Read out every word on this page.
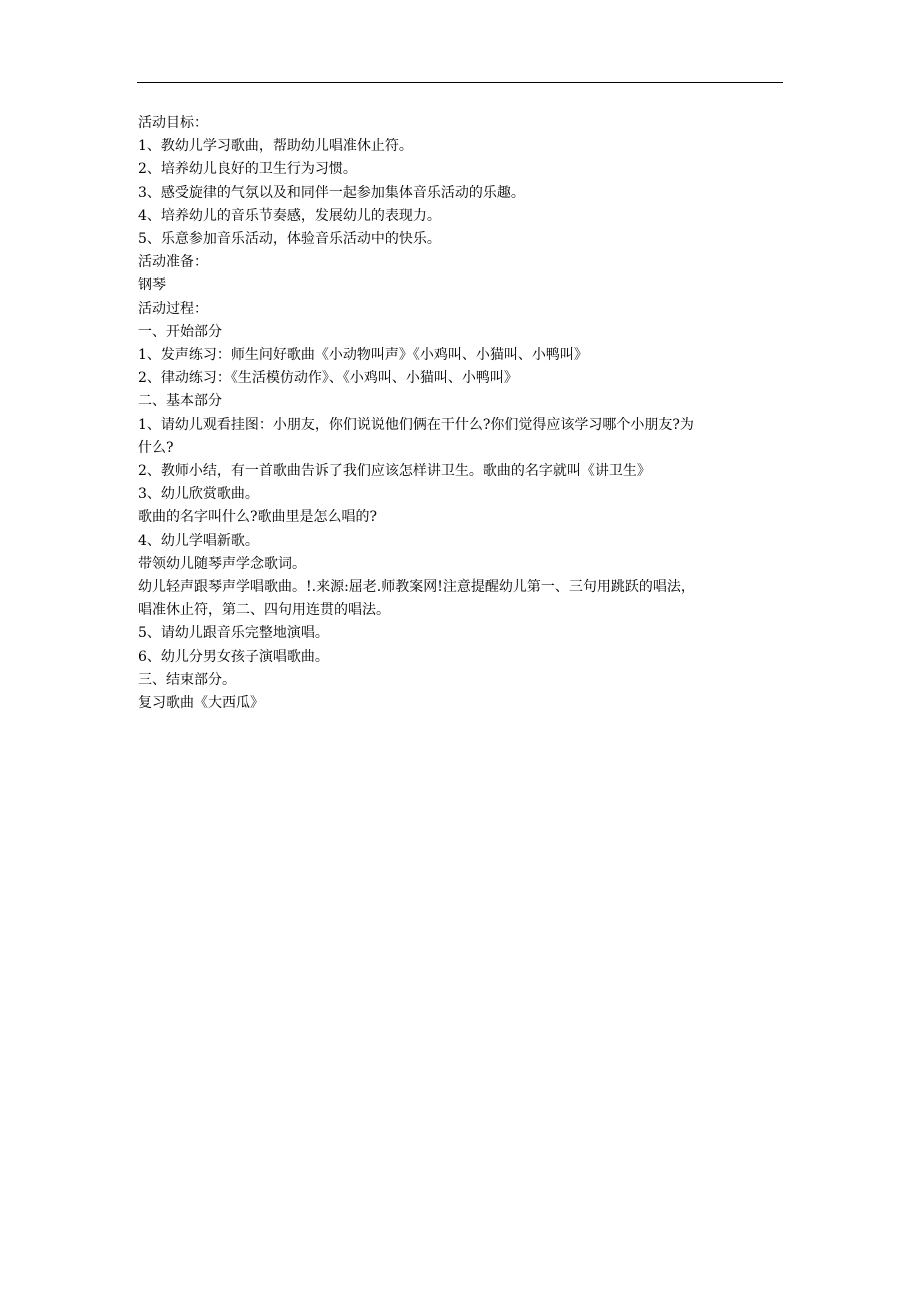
活动目标：
1、教幼儿学习歌曲，帮助幼儿唱准休止符。
2、培养幼儿良好的卫生行为习惯。
3、感受旋律的气氛以及和同伴一起参加集体音乐活动的乐趣。
4、培养幼儿的音乐节奏感，发展幼儿的表现力。
5、乐意参加音乐活动，体验音乐活动中的快乐。
活动准备：
钢琴
活动过程：
一、开始部分
1、发声练习：师生问好歌曲《小动物叫声》《小鸡叫、小猫叫、小鸭叫》
2、律动练习：《生活模仿动作》、《小鸡叫、小猫叫、小鸭叫》
二、基本部分
1、请幼儿观看挂图：小朋友，你们说说他们俩在干什么?你们觉得应该学习哪个小朋友?为
什么?
2、教师小结，有一首歌曲告诉了我们应该怎样讲卫生。歌曲的名字就叫《讲卫生》
3、幼儿欣赏歌曲。
歌曲的名字叫什么?歌曲里是怎么唱的?
4、幼儿学唱新歌。
带领幼儿随琴声学念歌词。
幼儿轻声跟琴声学唱歌曲。!.来源:屈老.师教案网!注意提醒幼儿第一、三句用跳跃的唱法，
唱准休止符，第二、四句用连贯的唱法。
5、请幼儿跟音乐完整地演唱。
6、幼儿分男女孩子演唱歌曲。
三、结束部分。
复习歌曲《大西瓜》
